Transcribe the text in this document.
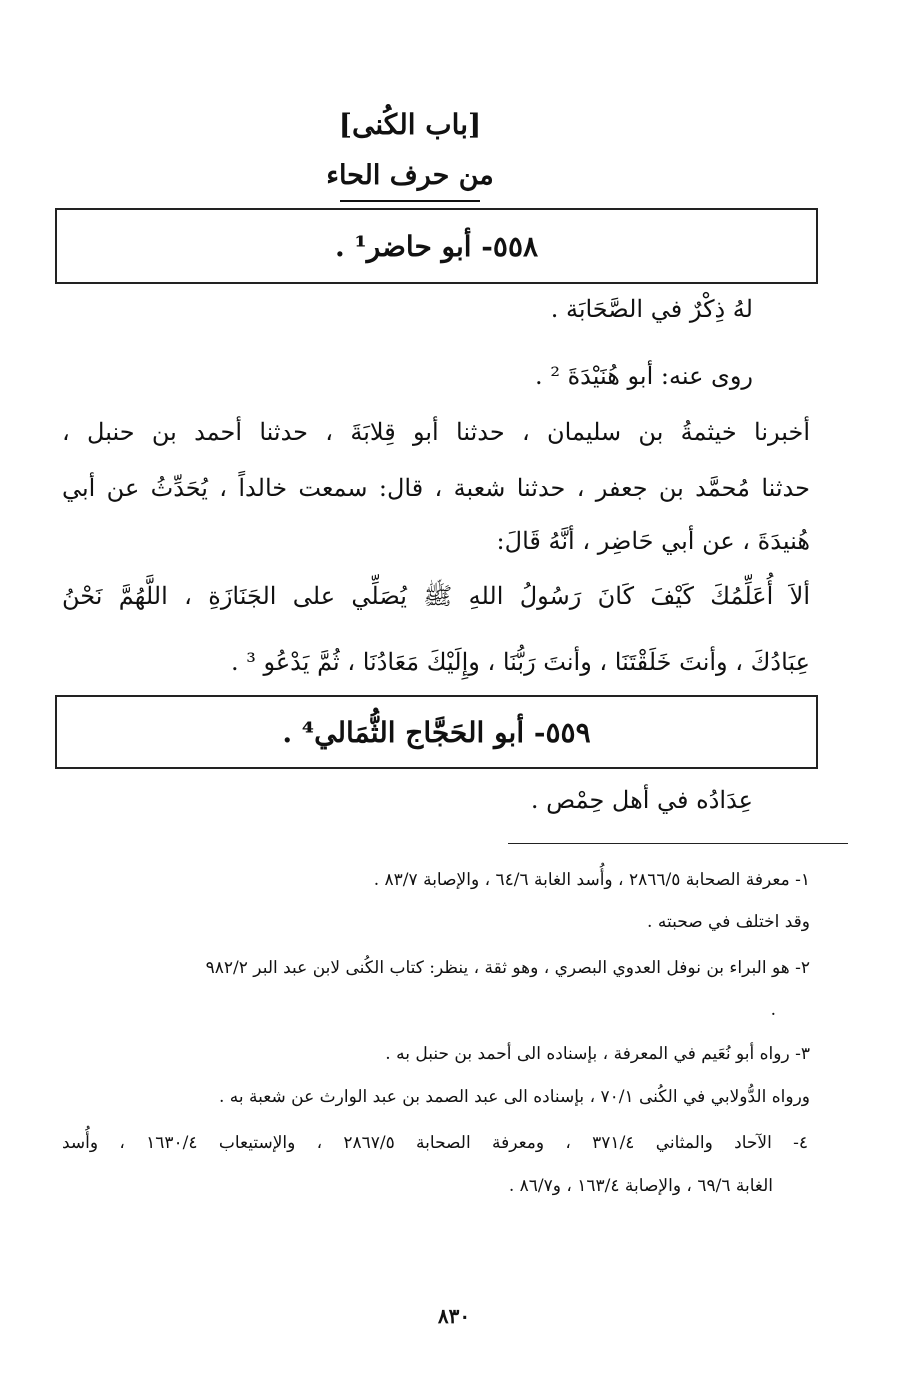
[باب الكُنى]
من حرف الحاء
٥٥٨- أبو حاضر¹ .
لهُ ذِكْرٌ في الصَّحَابَة .
روى عنه: أبو هُنَيْدَةَ ² .
أخبرنا خيثمةُ بن سليمان ، حدثنا أبو قِلابَةَ ، حدثنا أحمد بن حنبل ،
حدثنا مُحمَّد بن جعفر ، حدثنا شعبة ، قال: سمعت خالداً ، يُحَدِّثُ عن أبي
هُنيدَةَ ، عن أبي حَاضِر ، أنَّهُ قَالَ:
ألاَ أُعَلِّمُكَ كَيْفَ كَانَ رَسُولُ اللهِ ﷺ يُصَلِّي على الجَنَازَةِ ، اللَّهُمَّ نَحْنُ
عِبَادُكَ ، وأنتَ خَلَقْتَنَا ، وأنتَ رَبُّنَا ، وإِلَيْكَ مَعَادُنَا ، ثُمَّ يَدْعُو ³ .
٥٥٩- أبو الحَجَّاج الثُّمَالي⁴ .
عِدَادُه في أهل حِمْص .
١- معرفة الصحابة ٢٨٦٦/٥ ، وأُسد الغابة ٦٤/٦ ، والإصابة ٨٣/٧ .
وقد اختلف في صحبته .
٢- هو البراء بن نوفل العدوي البصري ، وهو ثقة ، ينظر: كتاب الكُنى لابن عبد البر ٩٨٢/٢
.
٣- رواه أبو نُعَيم في المعرفة ، بإسناده الى أحمد بن حنبل به .
ورواه الدُّولابي في الكُنى ٧٠/١ ، بإسناده الى عبد الصمد بن عبد الوارث عن شعبة به .
٤- الآحاد والمثاني ٣٧١/٤ ، ومعرفة الصحابة ٢٨٦٧/٥ ، والإستيعاب ١٦٣٠/٤ ، وأُسد
الغابة ٦٩/٦ ، والإصابة ١٦٣/٤ ، و٨٦/٧ .
٨٣٠
